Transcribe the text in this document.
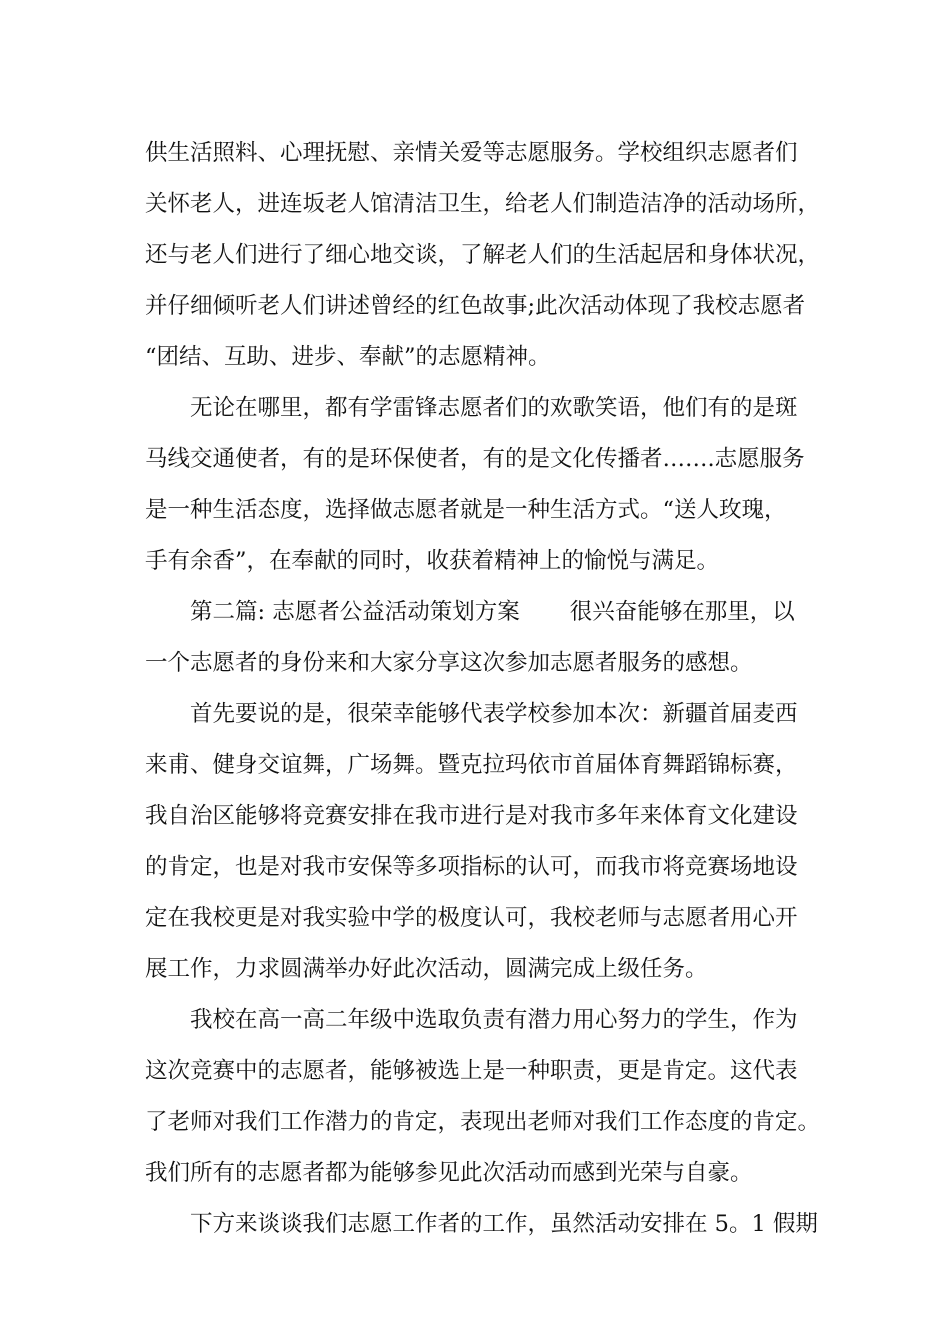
供生活照料、心理抚慰、亲情关爱等志愿服务。学校组织志愿者们
关怀老人，进连坂老人馆清洁卫生，给老人们制造洁净的活动场所，
还与老人们进行了细心地交谈，了解老人们的生活起居和身体状况，
并仔细倾听老人们讲述曾经的红色故事;此次活动体现了我校志愿者
“团结、互助、进步、奉献”的志愿精神。
无论在哪里，都有学雷锋志愿者们的欢歌笑语，他们有的是斑
马线交通使者，有的是环保使者，有的是文化传播者…….志愿服务
是一种生活态度，选择做志愿者就是一种生活方式。“送人玫瑰，
手有余香”，在奉献的同时，收获着精神上的愉悦与满足。
第二篇: 志愿者公益活动策划方案 很兴奋能够在那里，以
一个志愿者的身份来和大家分享这次参加志愿者服务的感想。
首先要说的是，很荣幸能够代表学校参加本次：新疆首届麦西
来甫、健身交谊舞，广场舞。暨克拉玛依市首届体育舞蹈锦标赛，
我自治区能够将竞赛安排在我市进行是对我市多年来体育文化建设
的肯定，也是对我市安保等多项指标的认可，而我市将竞赛场地设
定在我校更是对我实验中学的极度认可，我校老师与志愿者用心开
展工作，力求圆满举办好此次活动，圆满完成上级任务。
我校在高一高二年级中选取负责有潜力用心努力的学生，作为
这次竞赛中的志愿者，能够被选上是一种职责，更是肯定。这代表
了老师对我们工作潜力的肯定，表现出老师对我们工作态度的肯定。
我们所有的志愿者都为能够参见此次活动而感到光荣与自豪。
下方来谈谈我们志愿工作者的工作，虽然活动安排在 5。1 假期
